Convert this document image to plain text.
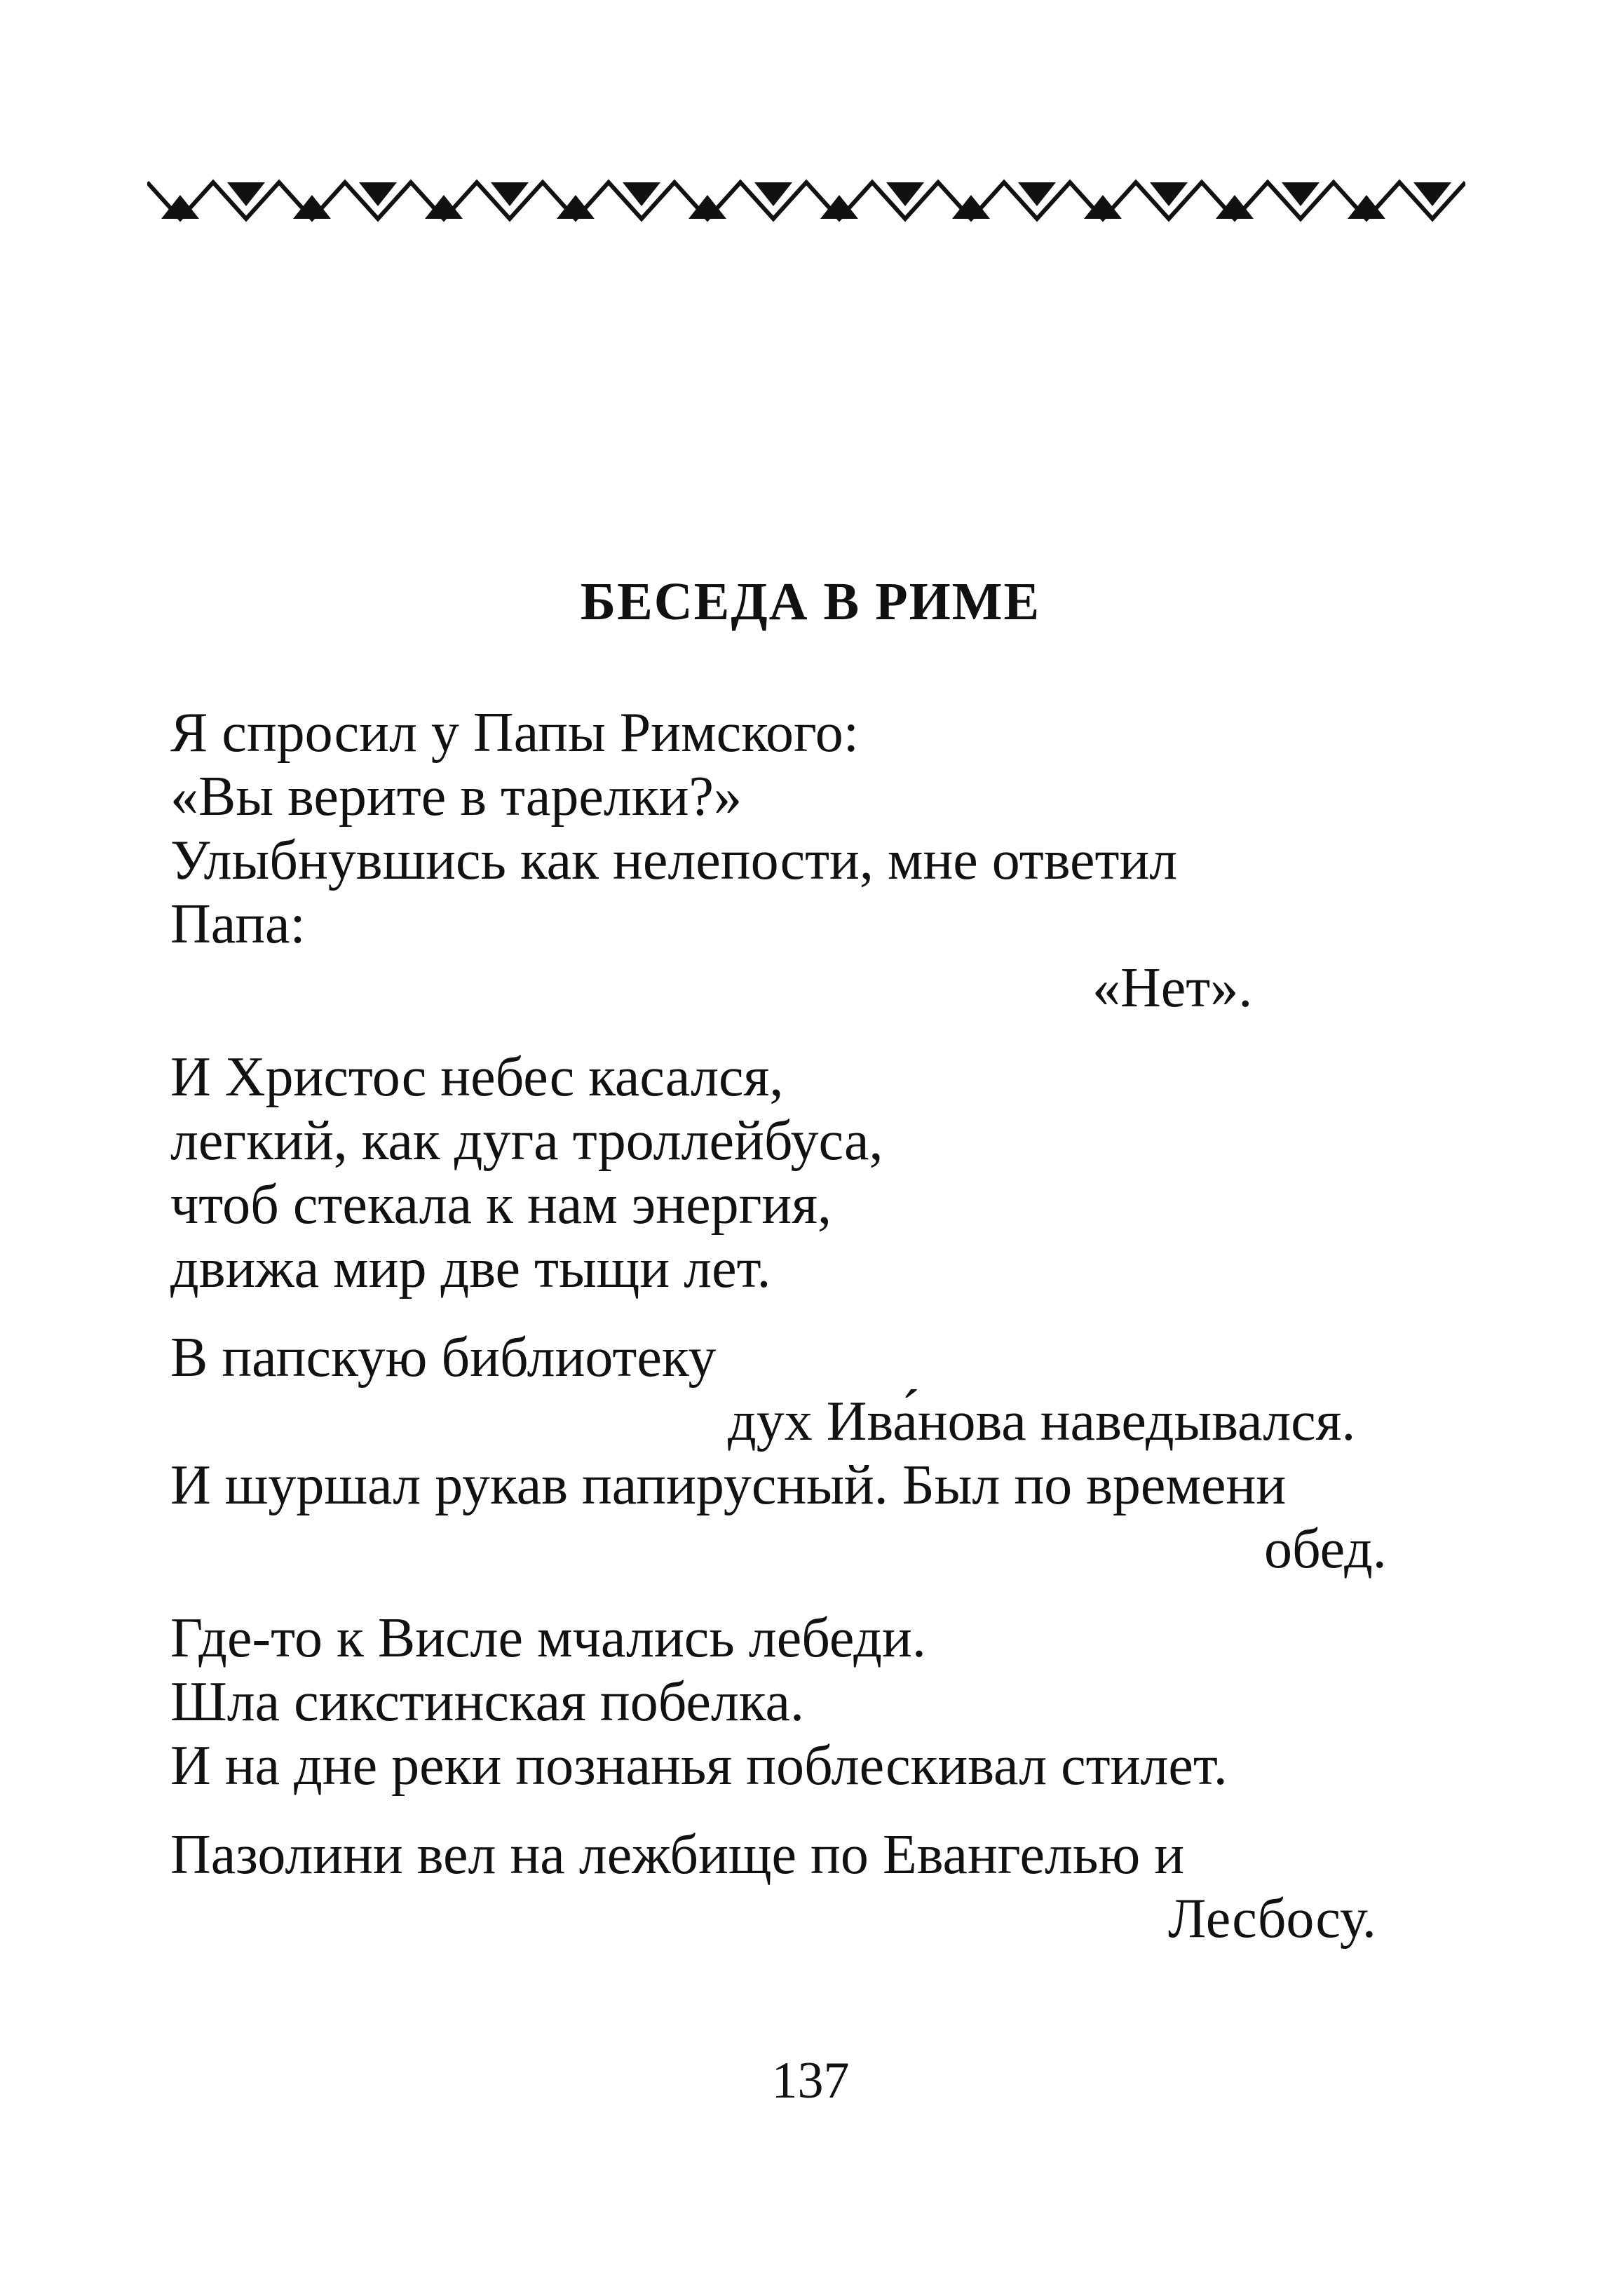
БЕСЕДА В РИМЕ
Я спросил у Папы Римского:
«Вы верите в тарелки?»
Улыбнувшись как нелепости, мне ответил
Папа:
«Нет».
И Христос небес касался,
легкий, как дуга троллейбуса,
чтоб стекала к нам энергия,
движа мир две тыщи лет.
В папскую библиотеку
дух Ива́нова наведывался.
И шуршал рукав папирусный. Был по времени
обед.
Где-то к Висле мчались лебеди.
Шла сикстинская побелка.
И на дне реки познанья поблескивал стилет.
Пазолини вел на лежбище по Евангелью и
Лесбосу.
137
